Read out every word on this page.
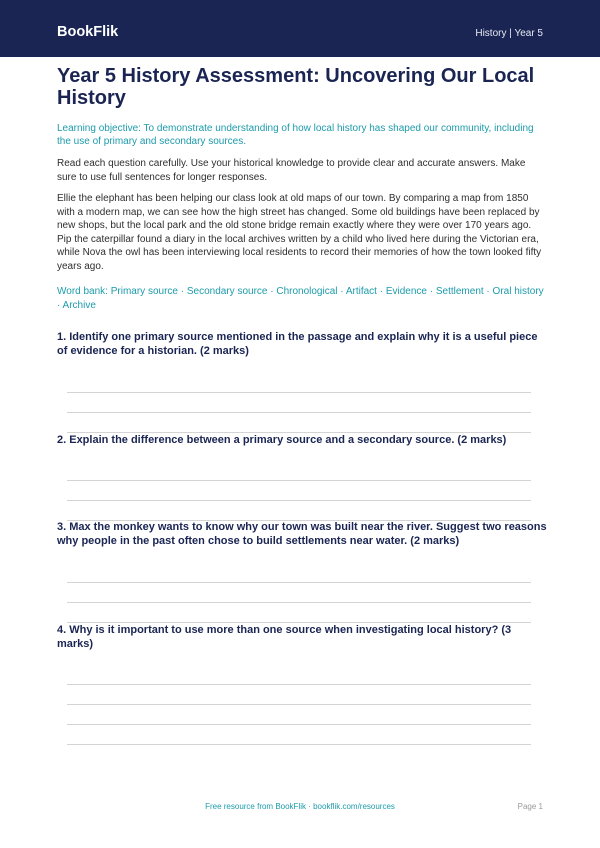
BookFlik	History | Year 5
Year 5 History Assessment: Uncovering Our Local History

Learning objective: To demonstrate understanding of how local history has shaped our community, including the use of primary and secondary sources.

Read each question carefully. Use your historical knowledge to provide clear and accurate answers. Make sure to use full sentences for longer responses.

Ellie the elephant has been helping our class look at old maps of our town. By comparing a map from 1850 with a modern map, we can see how the high street has changed. Some old buildings have been replaced by new shops, but the local park and the old stone bridge remain exactly where they were over 170 years ago. Pip the caterpillar found a diary in the local archives written by a child who lived here during the Victorian era, while Nova the owl has been interviewing local residents to record their memories of how the town looked fifty years ago.

Word bank: Primary source · Secondary source · Chronological · Artifact · Evidence · Settlement · Oral history · Archive

1. Identify one primary source mentioned in the passage and explain why it is a useful piece of evidence for a historian. (2 marks)

2. Explain the difference between a primary source and a secondary source. (2 marks)

3. Max the monkey wants to know why our town was built near the river. Suggest two reasons why people in the past often chose to build settlements near water. (2 marks)

4. Why is it important to use more than one source when investigating local history? (3 marks)

Free resource from BookFlik · bookflik.com/resources	Page 1
